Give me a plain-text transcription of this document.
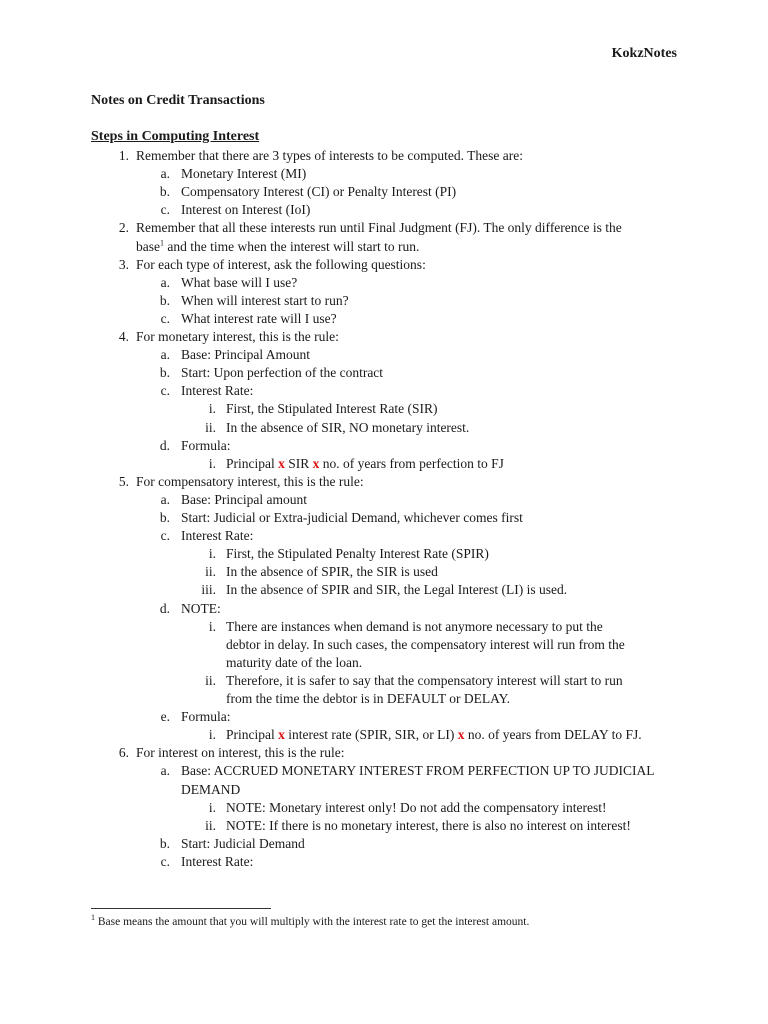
KokzNotes
Notes on Credit Transactions
Steps in Computing Interest
1. Remember that there are 3 types of interests to be computed. These are:
a. Monetary Interest (MI)
b. Compensatory Interest (CI) or Penalty Interest (PI)
c. Interest on Interest (IoI)
2. Remember that all these interests run until Final Judgment (FJ). The only difference is the
base$^1$ and the time when the interest will start to run.
3. For each type of interest, ask the following questions:
a. What base will I use?
b. When will interest start to run?
c. What interest rate will I use?
4. For monetary interest, this is the rule:
a. Base: Principal Amount
b. Start: Upon perfection of the contract
c. Interest Rate:
i. First, the Stipulated Interest Rate (SIR)
ii. In the absence of SIR, NO monetary interest.
d. Formula:
i. Principal x SIR x no. of years from perfection to FJ
5. For compensatory interest, this is the rule:
a. Base: Principal amount
b. Start: Judicial or Extra-judicial Demand, whichever comes first
c. Interest Rate:
i. First, the Stipulated Penalty Interest Rate (SPIR)
ii. In the absence of SPIR, the SIR is used
iii. In the absence of SPIR and SIR, the Legal Interest (LI) is used.
d. NOTE:
i. There are instances when demand is not anymore necessary to put the
debtor in delay. In such cases, the compensatory interest will run from the
maturity date of the loan.
ii. Therefore, it is safer to say that the compensatory interest will start to run
from the time the debtor is in DEFAULT or DELAY.
e. Formula:
i. Principal x interest rate (SPIR, SIR, or LI) x no. of years from DELAY to FJ.
6. For interest on interest, this is the rule:
a. Base: ACCRUED MONETARY INTEREST FROM PERFECTION UP TO JUDICIAL
DEMAND
i. NOTE: Monetary interest only! Do not add the compensatory interest!
ii. NOTE: If there is no monetary interest, there is also no interest on interest!
b. Start: Judicial Demand
c. Interest Rate:
$^1$ Base means the amount that you will multiply with the interest rate to get the interest amount.
